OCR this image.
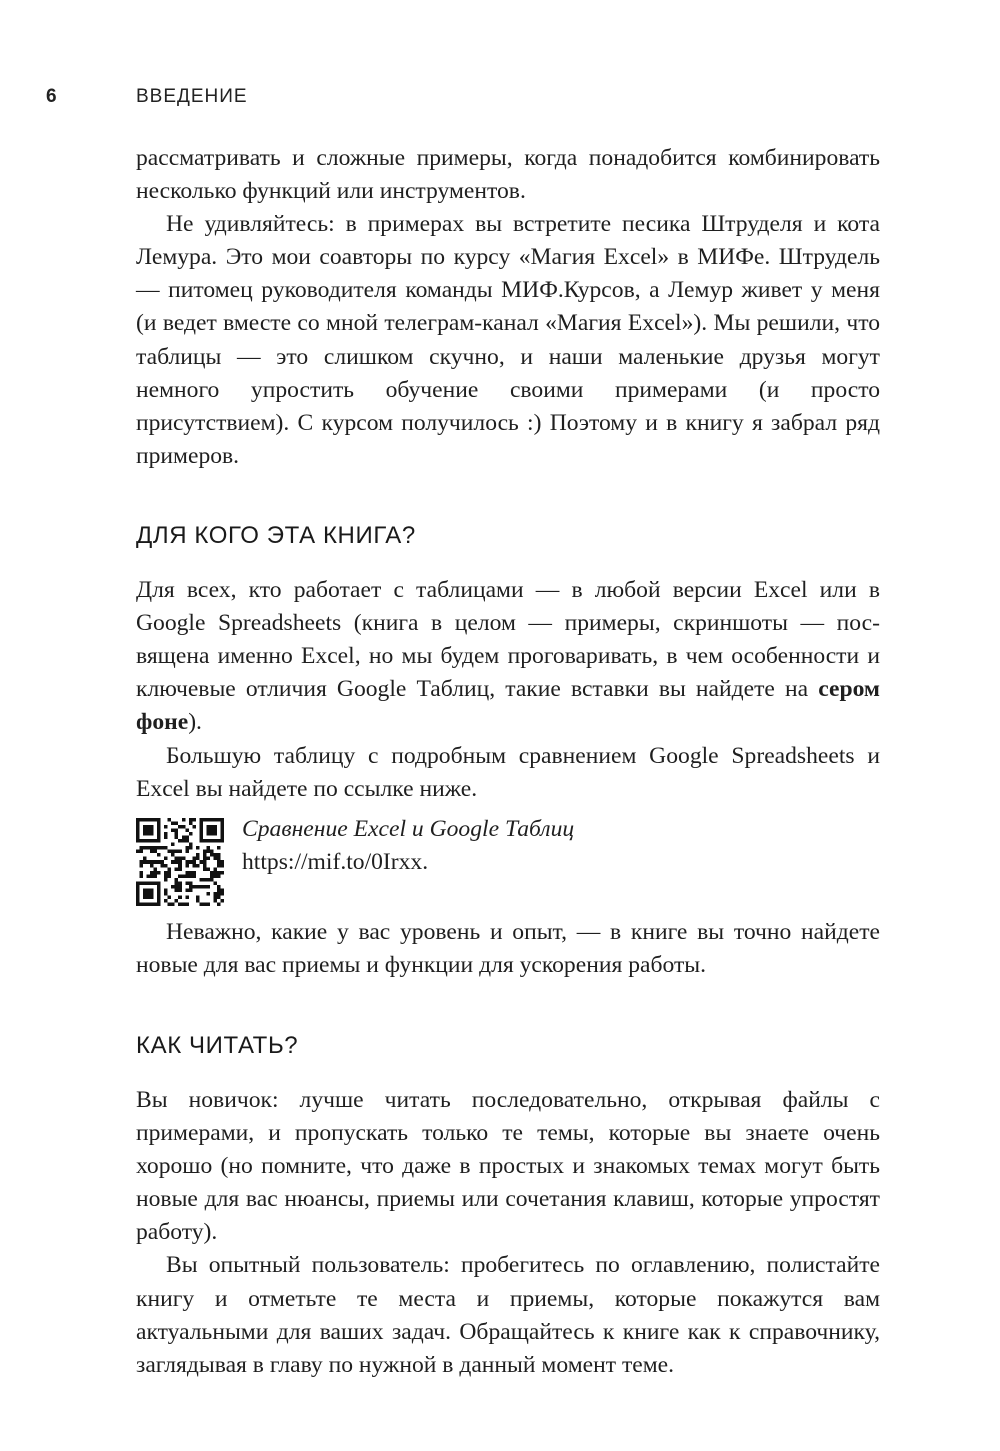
6	ВВЕДЕНИЕ

рассматривать и сложные примеры, когда понадобится комбинировать несколько функций или инструментов.

Не удивляйтесь: в примерах вы встретите песика Штруделя и кота Лемура. Это мои соавторы по курсу «Магия Excel» в МИФе. Штрудель — питомец руководителя команды МИФ.Курсов, а Лемур живет у меня (и ведет вместе со мной телеграм-канал «Магия Excel»). Мы решили, что таблицы — это слишком скучно, и наши маленькие друзья могут немного упростить обучение своими примерами (и просто присутствием). С курсом получилось :) Поэтому и в книгу я забрал ряд примеров.

ДЛЯ КОГО ЭТА КНИГА?

Для всех, кто работает с таблицами — в любой версии Excel или в Google Spreadsheets (книга в целом — примеры, скриншоты — посвящена именно Excel, но мы будем проговаривать, в чем особенности и ключевые отличия Google Таблиц, такие вставки вы найдете на сером фоне).

Большую таблицу с подробным сравнением Google Spreadsheets и Excel вы найдете по ссылке ниже.

Сравнение Excel и Google Таблиц
https://mif.to/0Irxx.

Неважно, какие у вас уровень и опыт, — в книге вы точно найдете новые для вас приемы и функции для ускорения работы.

КАК ЧИТАТЬ?

Вы новичок: лучше читать последовательно, открывая файлы с примерами, и пропускать только те темы, которые вы знаете очень хорошо (но помните, что даже в простых и знакомых темах могут быть новые для вас нюансы, приемы или сочетания клавиш, которые упростят работу).

Вы опытный пользователь: пробегитесь по оглавлению, полистайте книгу и отметьте те места и приемы, которые покажутся вам актуальными для ваших задач. Обращайтесь к книге как к справочнику, заглядывая в главу по нужной в данный момент теме.
